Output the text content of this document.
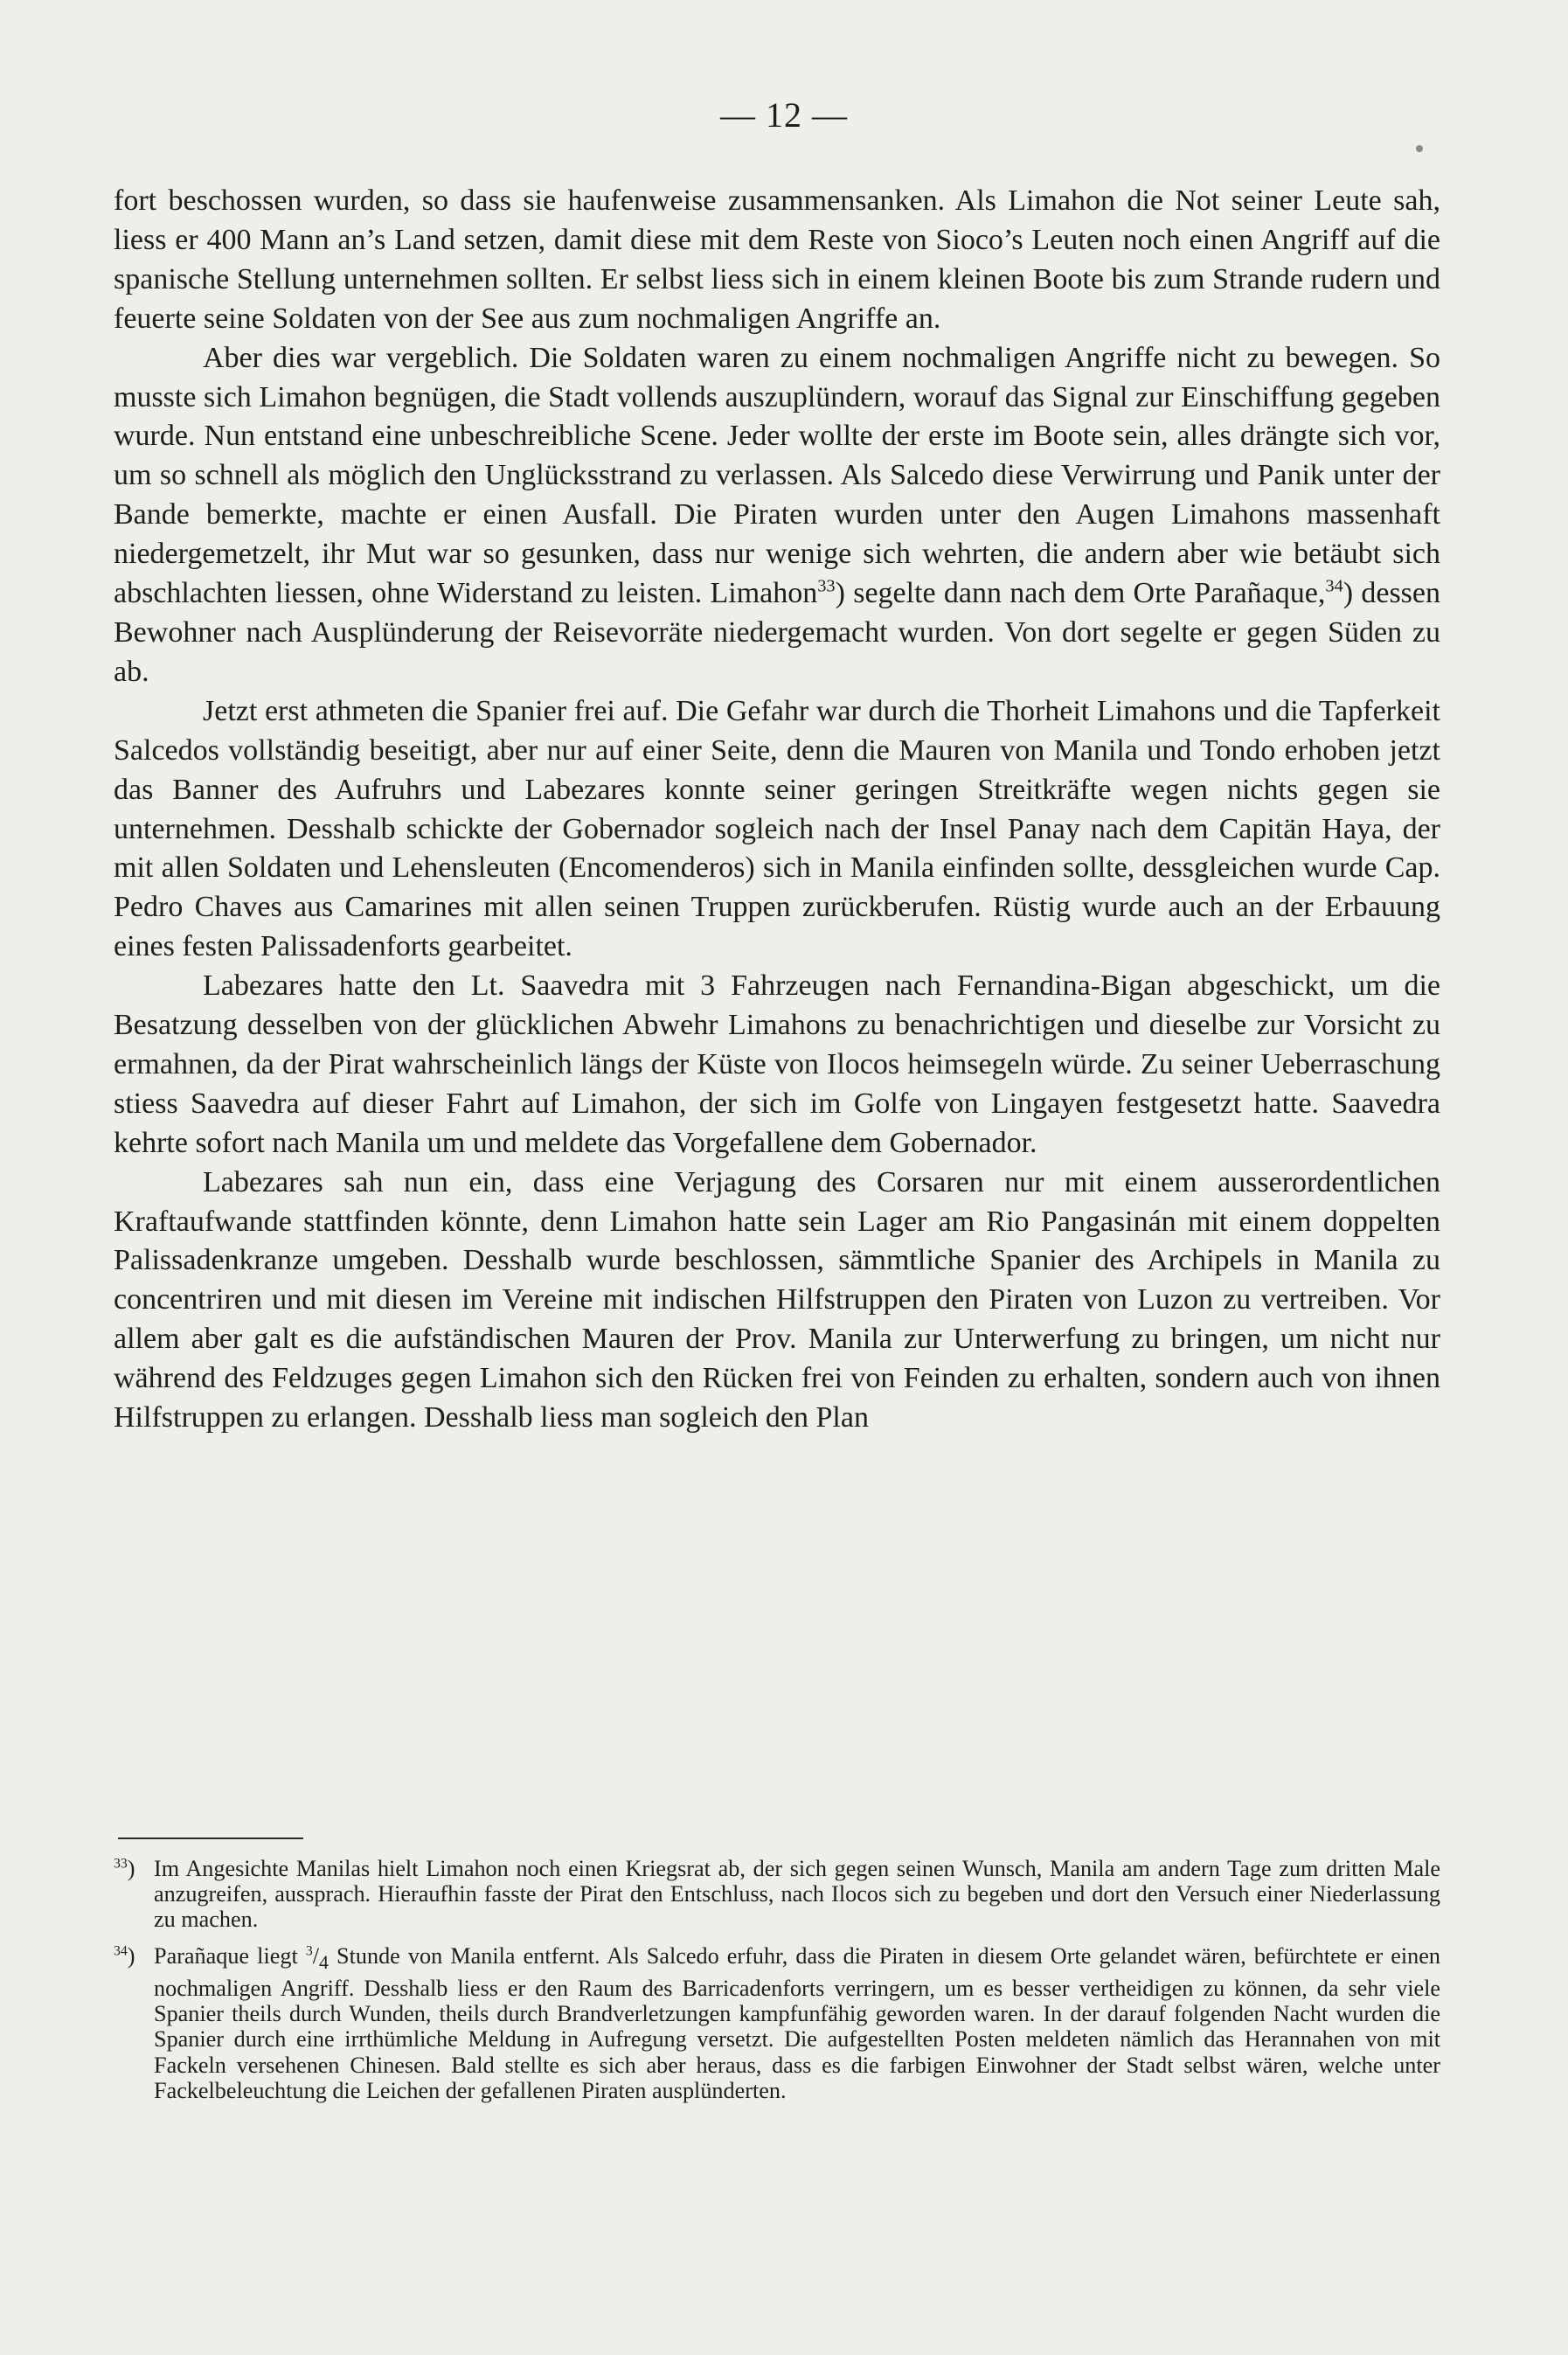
— 12 —

fort beschossen wurden, so dass sie haufenweise zusammensanken. Als Limahon die Not seiner Leute sah, liess er 400 Mann an’s Land setzen, damit diese mit dem Reste von Sioco’s Leuten noch einen Angriff auf die spanische Stellung unternehmen sollten. Er selbst liess sich in einem kleinen Boote bis zum Strande rudern und feuerte seine Soldaten von der See aus zum nochmaligen Angriffe an.

Aber dies war vergeblich. Die Soldaten waren zu einem nochmaligen Angriffe nicht zu bewegen. So musste sich Limahon begnügen, die Stadt vollends auszuplündern, worauf das Signal zur Einschiffung gegeben wurde. Nun entstand eine unbeschreibliche Scene. Jeder wollte der erste im Boote sein, alles drängte sich vor, um so schnell als möglich den Unglücksstrand zu verlassen. Als Salcedo diese Verwirrung und Panik unter der Bande bemerkte, machte er einen Ausfall. Die Piraten wurden unter den Augen Limahons massenhaft niedergemetzelt, ihr Mut war so gesunken, dass nur wenige sich wehrten, die andern aber wie betäubt sich abschlachten liessen, ohne Widerstand zu leisten. Limahon$^{33}$) segelte dann nach dem Orte Parañaque,$^{34}$) dessen Bewohner nach Ausplünderung der Reisevorräte niedergemacht wurden. Von dort segelte er gegen Süden zu ab.

Jetzt erst athmeten die Spanier frei auf. Die Gefahr war durch die Thorheit Limahons und die Tapferkeit Salcedos vollständig beseitigt, aber nur auf einer Seite, denn die Mauren von Manila und Tondo erhoben jetzt das Banner des Aufruhrs und Labezares konnte seiner geringen Streitkräfte wegen nichts gegen sie unternehmen. Desshalb schickte der Gobernador sogleich nach der Insel Panay nach dem Capitän Haya, der mit allen Soldaten und Lehensleuten (Encomenderos) sich in Manila einfinden sollte, dessgleichen wurde Cap. Pedro Chaves aus Camarines mit allen seinen Truppen zurückberufen. Rüstig wurde auch an der Erbauung eines festen Palissadenforts gearbeitet.

Labezares hatte den Lt. Saavedra mit 3 Fahrzeugen nach Fernandina-Bigan abgeschickt, um die Besatzung desselben von der glücklichen Abwehr Limahons zu benachrichtigen und dieselbe zur Vorsicht zu ermahnen, da der Pirat wahrscheinlich längs der Küste von Ilocos heimsegeln würde. Zu seiner Ueberraschung stiess Saavedra auf dieser Fahrt auf Limahon, der sich im Golfe von Lingayen festgesetzt hatte. Saavedra kehrte sofort nach Manila um und meldete das Vorgefallene dem Gobernador.

Labezares sah nun ein, dass eine Verjagung des Corsaren nur mit einem ausserordentlichen Kraftaufwande stattfinden könnte, denn Limahon hatte sein Lager am Rio Pangasinán mit einem doppelten Palissadenkranze umgeben. Desshalb wurde beschlossen, sämmtliche Spanier des Archipels in Manila zu concentriren und mit diesen im Vereine mit indischen Hilfstruppen den Piraten von Luzon zu vertreiben. Vor allem aber galt es die aufständischen Mauren der Prov. Manila zur Unterwerfung zu bringen, um nicht nur während des Feldzuges gegen Limahon sich den Rücken frei von Feinden zu erhalten, sondern auch von ihnen Hilfstruppen zu erlangen. Desshalb liess man sogleich den Plan

$^{33}$) Im Angesichte Manilas hielt Limahon noch einen Kriegsrat ab, der sich gegen seinen Wunsch, Manila am andern Tage zum dritten Male anzugreifen, aussprach. Hieraufhin fasste der Pirat den Entschluss, nach Ilocos sich zu begeben und dort den Versuch einer Niederlassung zu machen.

$^{34}$) Parañaque liegt $^3/_4$ Stunde von Manila entfernt. Als Salcedo erfuhr, dass die Piraten in diesem Orte gelandet wären, befürchtete er einen nochmaligen Angriff. Desshalb liess er den Raum des Barricadenforts verringern, um es besser vertheidigen zu können, da sehr viele Spanier theils durch Wunden, theils durch Brandverletzungen kampfunfähig geworden waren. In der darauf folgenden Nacht wurden die Spanier durch eine irrthümliche Meldung in Aufregung versetzt. Die aufgestellten Posten meldeten nämlich das Herannahen von mit Fackeln versehenen Chinesen. Bald stellte es sich aber heraus, dass es die farbigen Einwohner der Stadt selbst wären, welche unter Fackelbeleuchtung die Leichen der gefallenen Piraten ausplünderten.
